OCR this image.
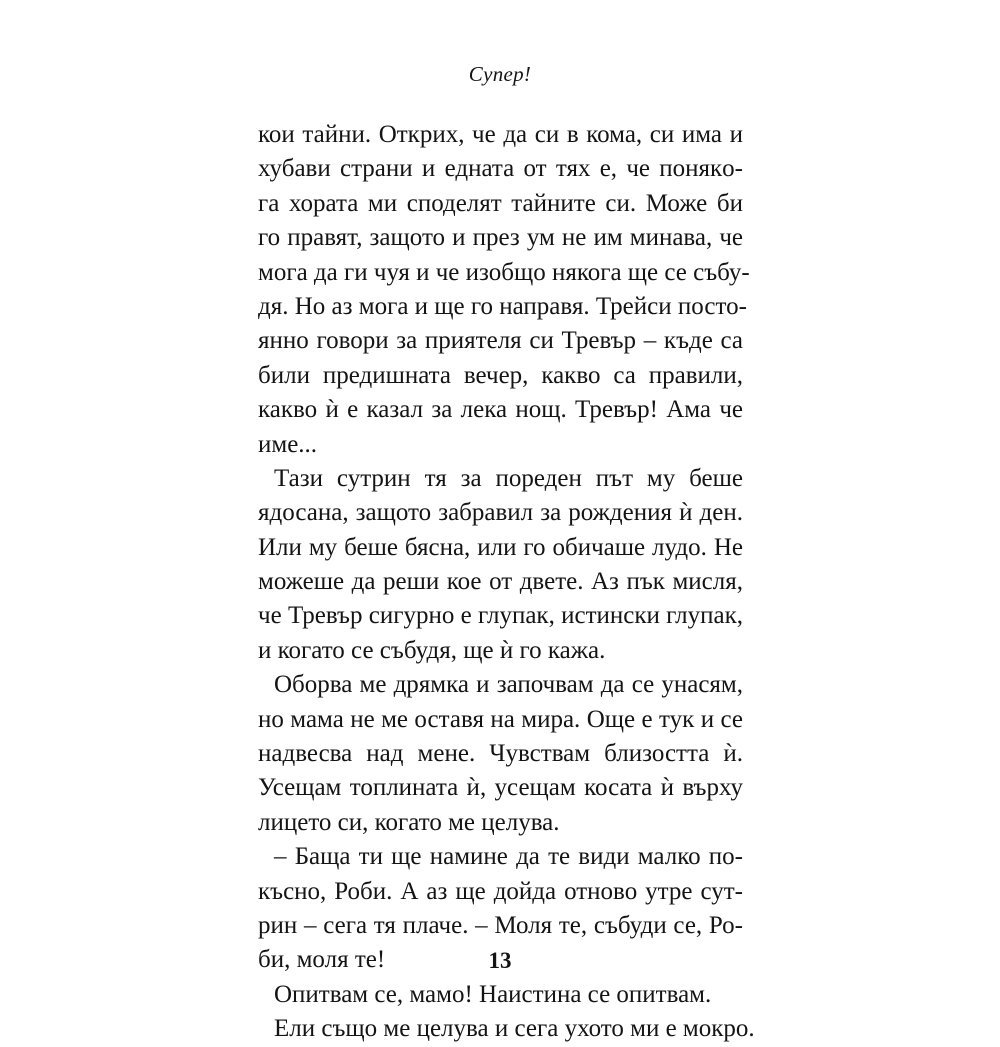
Супер!
кои тайни. Открих, че да си в кома, си има и
хубави страни и едната от тях е, че понякo-
га хората ми споделят тайните си. Може би
го правят, защото и през ум не им минава, че
мога да ги чуя и че изобщо някога ще се събу-
дя. Но аз мога и ще го направя. Трейси посто-
янно говори за приятеля си Тревър – къде са
били предишната вечер, какво са правили,
какво ѝ е казал за лека нощ. Тревър! Ама че
име...
Тази сутрин тя за пореден път му беше
ядосана, защото забравил за рождения ѝ ден.
Или му беше бясна, или го обичаше лудо. Не
можеше да реши кое от двете. Аз пък мисля,
че Тревър сигурно е глупак, истински глупак,
и когато се събудя, ще ѝ го кажа.
Оборва ме дрямка и започвам да се унасям,
но мама не ме оставя на мира. Още е тук и се
надвесва над мене. Чувствам близостта ѝ.
Усещам топлината ѝ, усещам косата ѝ върху
лицето си, когато ме целува.
– Баща ти ще намине да те види малко по-
късно, Роби. А аз ще дойда отново утре сут-
рин – сега тя плаче. – Моля те, събуди се, Ро-
би, моля те!
Опитвам се, мамо! Наистина се опитвам.
Ели също ме целува и сега ухото ми е мокро.
13
